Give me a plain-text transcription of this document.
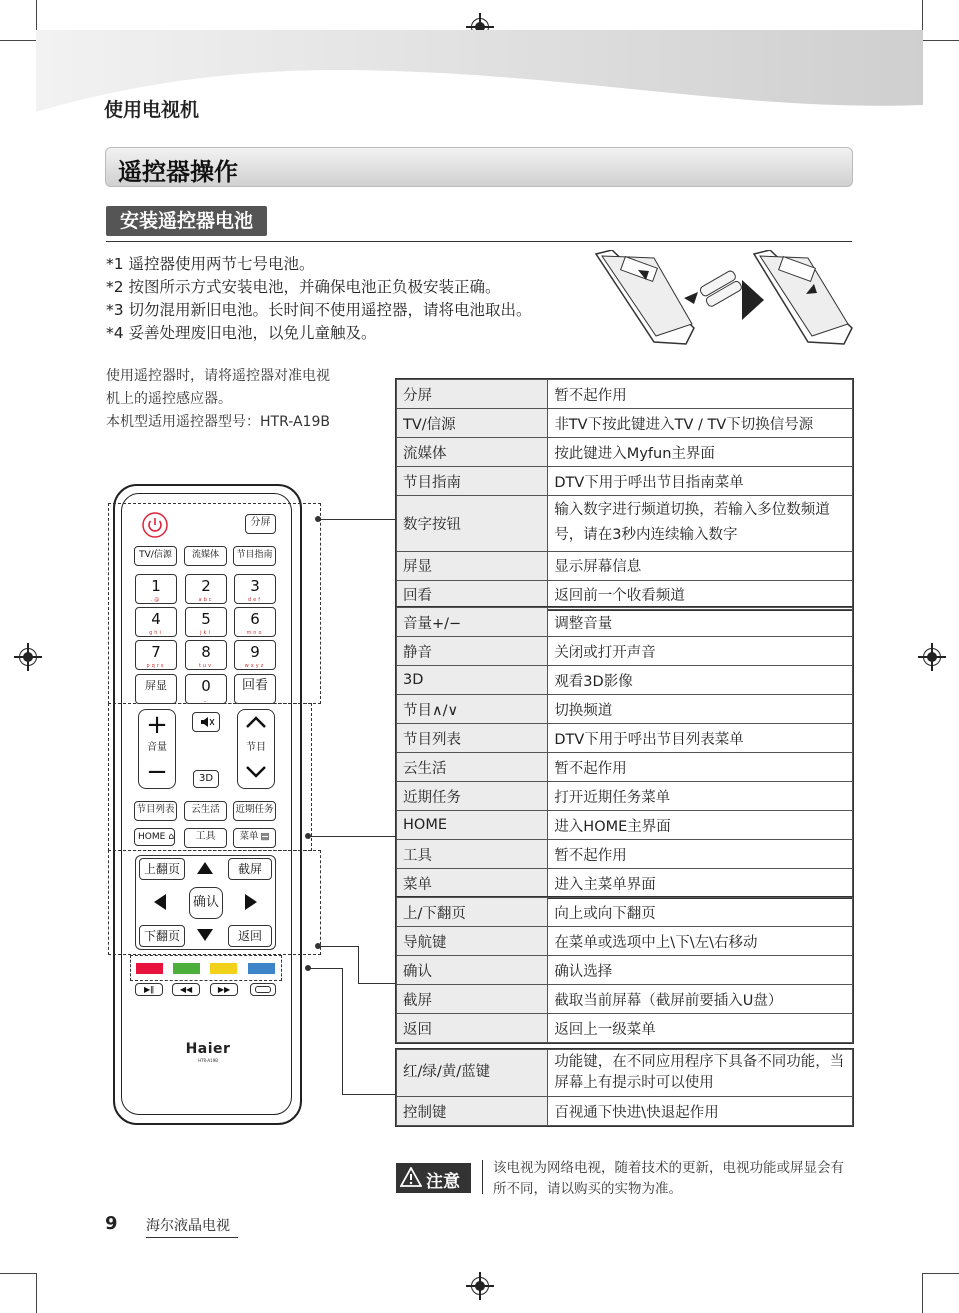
使用电视机
遥控器操作
安装遥控器电池
*1 遥控器使用两节七号电池。
*2 按图所示方式安装电池，并确保电池正负极安装正确。
*3 切勿混用新旧电池。长时间不使用遥控器，请将电池取出。
*4 妥善处理废旧电池，以免儿童触及。
使用遥控器时，请将遥控器对准电视
机上的遥控感应器。
本机型适用遥控器型号：HTR-A19B
分屏
TV/信源	流媒体	节目指南
1
.@
2
abc
3
def
4
ghi
5
jkl
6
mno
7
pqrs
8
tuv
9
wxyz
屏显	0
⎵
回看
+
音量
−	3D
节目
节目列表	云生活	近期任务
HOME ⌂	工具	菜单 ▤
上翻页	截屏
下翻页	返回
确认
▶ǁ	◀◀	▶▶
Haier
HTR-A19B
分屏	暂不起作用
TV/信源	非TV下按此键进入TV / TV下切换信号源
流媒体	按此键进入Myfun主界面
节目指南	DTV下用于呼出节目指南菜单
数字按钮	输入数字进行频道切换，若输入多位数频道号，请在3秒内连续输入数字
屏显	显示屏幕信息
回看	返回前一个收看频道
音量+/−	调整音量
静音	关闭或打开声音
3D	观看3D影像
节目∧/∨	切换频道
节目列表	DTV下用于呼出节目列表菜单
云生活	暂不起作用
近期任务	打开近期任务菜单
HOME	进入HOME主界面
工具	暂不起作用
菜单	进入主菜单界面
上/下翻页	向上或向下翻页
导航键	在菜单或选项中上\下\左\右移动
确认	确认选择
截屏	截取当前屏幕（截屏前要插入U盘）
返回	返回上一级菜单
红/绿/黄/蓝键	功能键，在不同应用程序下具备不同功能，当屏幕上有提示时可以使用
控制键	百视通下快进\快退起作用
注意
该电视为网络电视，随着技术的更新，电视功能或屏显会有所不同，请以购买的实物为准。
9 海尔液晶电视
